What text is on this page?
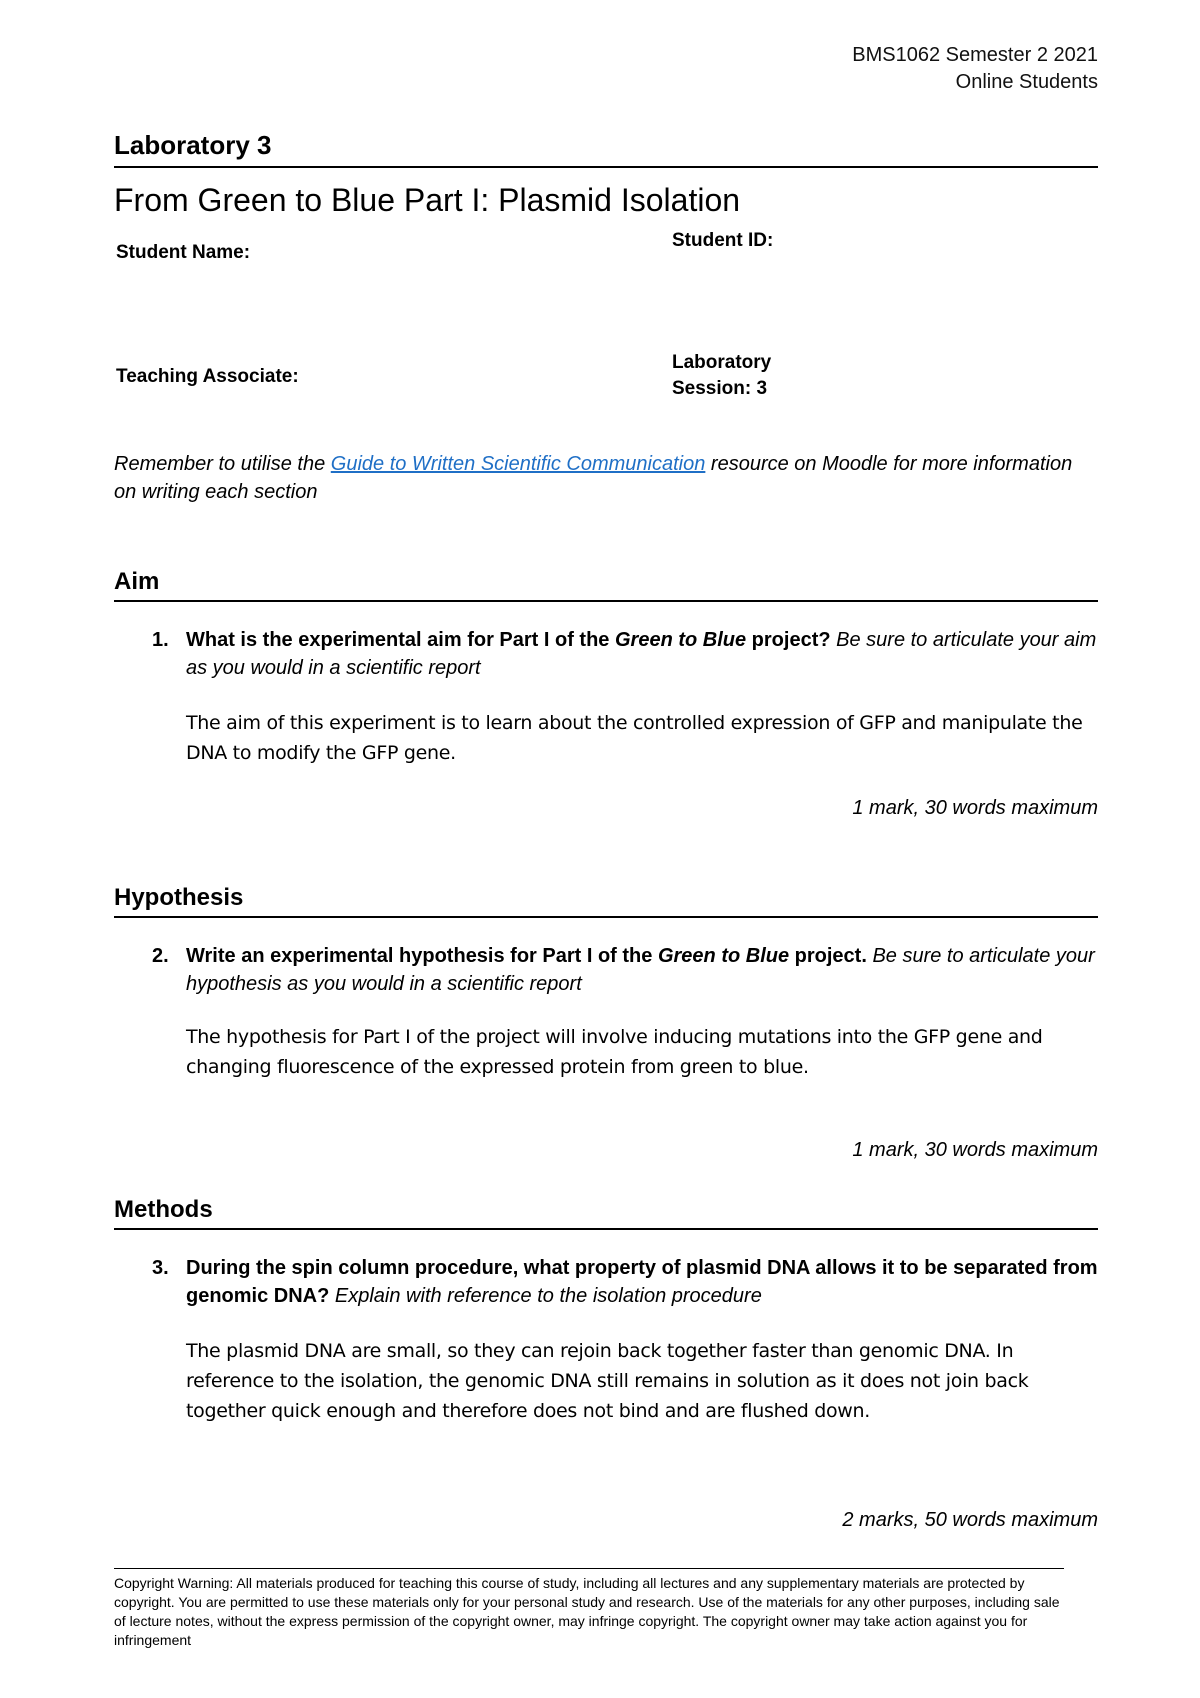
BMS1062 Semester 2 2021
Online Students
Laboratory 3
From Green to Blue Part I: Plasmid Isolation
Student Name:
Student ID:
Teaching Associate:
Laboratory
Session: 3
Remember to utilise the Guide to Written Scientific Communication resource on Moodle for more information on writing each section
Aim
1. What is the experimental aim for Part I of the Green to Blue project? Be sure to articulate your aim as you would in a scientific report
The aim of this experiment is to learn about the controlled expression of GFP and manipulate the DNA to modify the GFP gene.
1 mark, 30 words maximum
Hypothesis
2. Write an experimental hypothesis for Part I of the Green to Blue project. Be sure to articulate your hypothesis as you would in a scientific report
The hypothesis for Part I of the project will involve inducing mutations into the GFP gene and changing fluorescence of the expressed protein from green to blue.
1 mark, 30 words maximum
Methods
3. During the spin column procedure, what property of plasmid DNA allows it to be separated from genomic DNA? Explain with reference to the isolation procedure
The plasmid DNA are small, so they can rejoin back together faster than genomic DNA. In reference to the isolation, the genomic DNA still remains in solution as it does not join back together quick enough and therefore does not bind and are flushed down.
2 marks, 50 words maximum
Copyright Warning: All materials produced for teaching this course of study, including all lectures and any supplementary materials are protected by copyright. You are permitted to use these materials only for your personal study and research. Use of the materials for any other purposes, including sale of lecture notes, without the express permission of the copyright owner, may infringe copyright. The copyright owner may take action against you for infringement
